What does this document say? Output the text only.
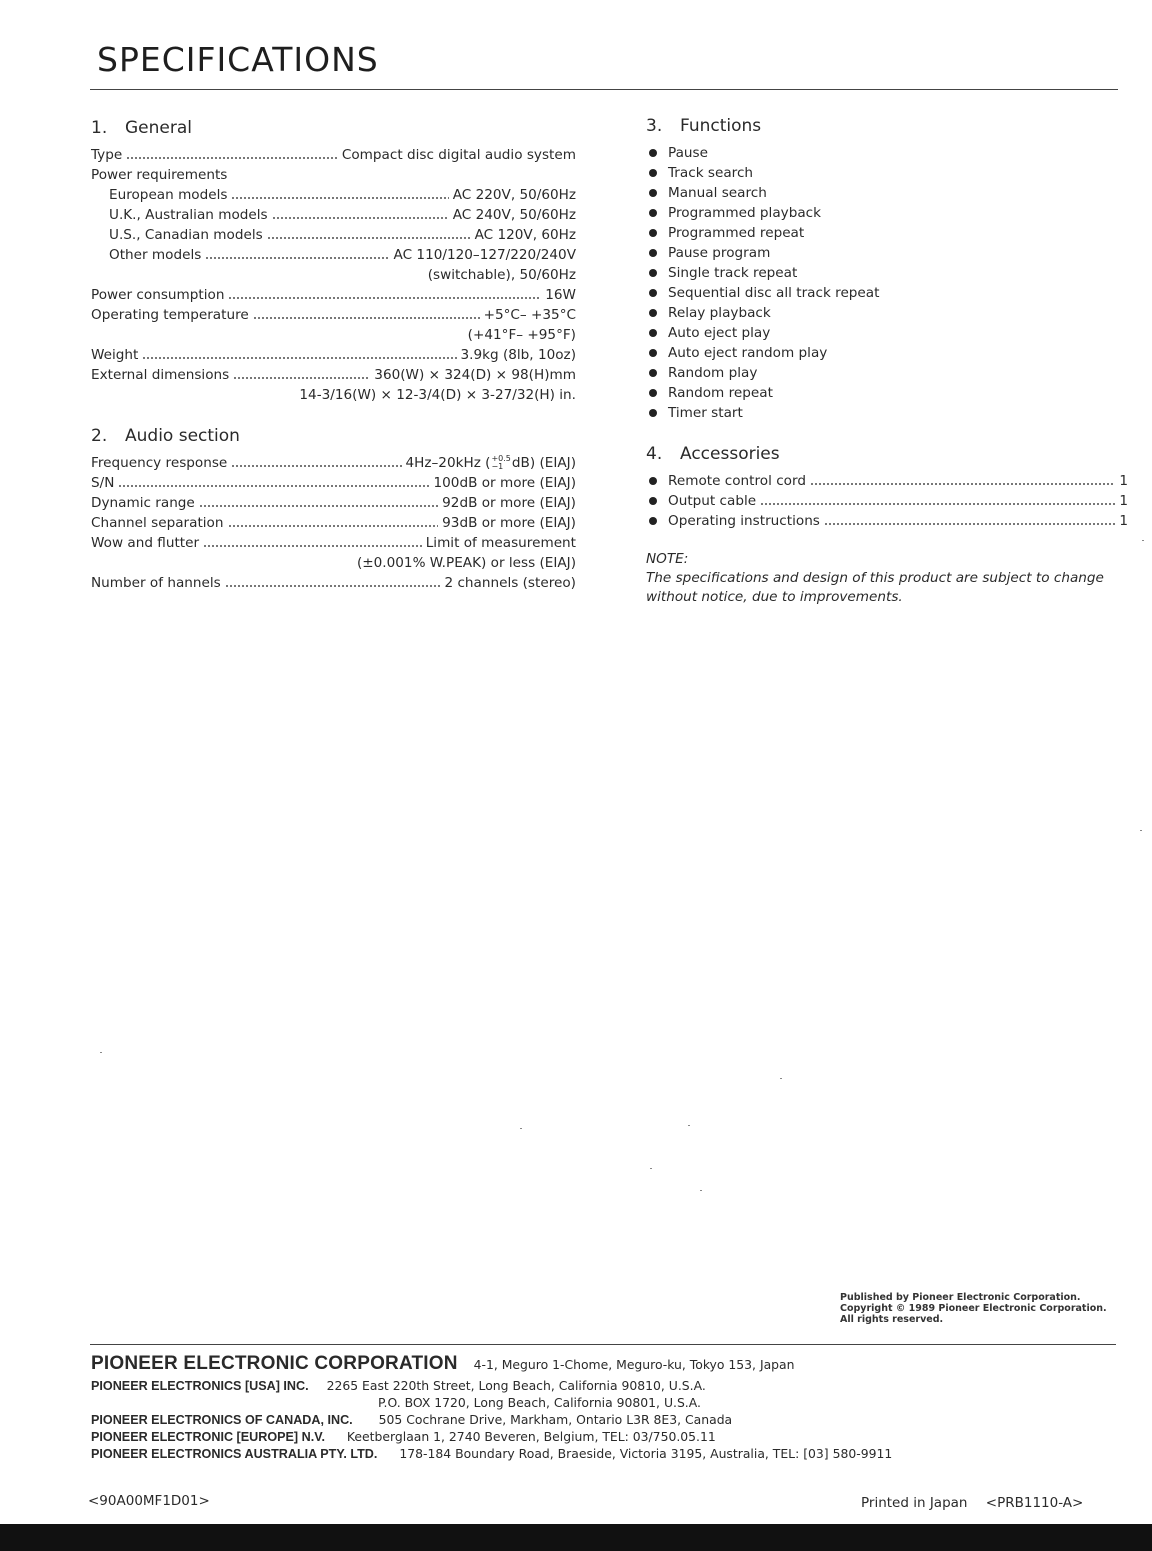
SPECIFICATIONS
1. General
Type	Compact disc digital audio system
Power requirements
European models	AC 220V, 50/60Hz
U.K., Australian models	AC 240V, 50/60Hz
U.S., Canadian models	AC 120V, 60Hz
Other models	AC 110/120–127/220/240V
(switchable), 50/60Hz
Power consumption	16W
Operating temperature	+5°C– +35°C
(+41°F– +95°F)
Weight	3.9kg (8lb, 10oz)
External dimensions	360(W) × 324(D) × 98(H)mm
14-3/16(W) × 12-3/4(D) × 3-27/32(H) in.
2. Audio section
Frequency response	4Hz–20kHz ( +0.5
−1 dB) (EIAJ)
S/N	100dB or more (EIAJ)
Dynamic range	92dB or more (EIAJ)
Channel separation	93dB or more (EIAJ)
Wow and flutter	Limit of measurement
(±0.001% W.PEAK) or less (EIAJ)
Number of hannels	2 channels (stereo)
3. Functions
Pause
Track search
Manual search
Programmed playback
Programmed repeat
Pause program
Single track repeat
Sequential disc all track repeat
Relay playback
Auto eject play
Auto eject random play
Random play
Random repeat
Timer start
4. Accessories
Remote control cord	1
Output cable	1
Operating instructions	1
NOTE:
The specifications and design of this product are subject to change without notice, due to improvements.
Published by Pioneer Electronic Corporation.
Copyright © 1989 Pioneer Electronic Corporation.
All rights reserved.
PIONEER ELECTRONIC CORPORATION 4-1, Meguro 1-Chome, Meguro-ku, Tokyo 153, Japan
PIONEER ELECTRONICS [USA] INC. 2265 East 220th Street, Long Beach, California 90810, U.S.A.
P.O. BOX 1720, Long Beach, California 90801, U.S.A.
PIONEER ELECTRONICS OF CANADA, INC. 505 Cochrane Drive, Markham, Ontario L3R 8E3, Canada
PIONEER ELECTRONIC [EUROPE] N.V. Keetberglaan 1, 2740 Beveren, Belgium, TEL: 03/750.05.11
PIONEER ELECTRONICS AUSTRALIA PTY. LTD. 178-184 Boundary Road, Braeside, Victoria 3195, Australia, TEL: [03] 580-9911
<90A00MF1D01>	Printed in Japan <PRB1110-A>
